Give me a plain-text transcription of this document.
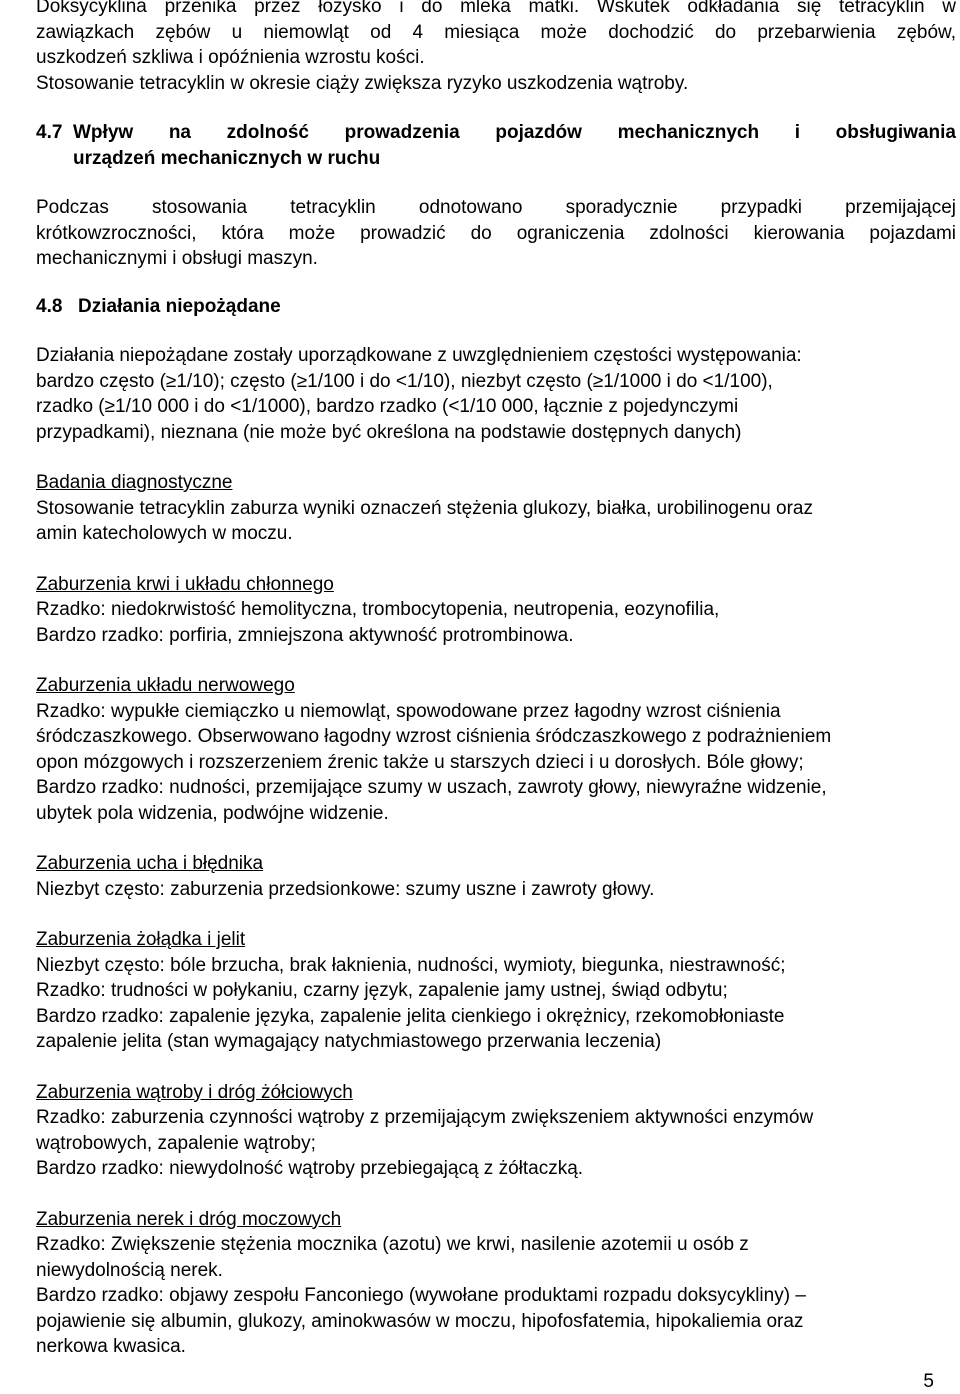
Doksycyklina przenika przez łożysko i do mleka matki. Wskutek odkładania się tetracyklin w
zawiązkach zębów u niemowląt od 4 miesiąca może dochodzić do przebarwienia zębów,
uszkodzeń szkliwa i opóźnienia wzrostu kości.
Stosowanie tetracyklin w okresie ciąży zwiększa ryzyko uszkodzenia wątroby.
4.7 Wpływ na zdolność prowadzenia pojazdów mechanicznych i obsługiwania
urządzeń mechanicznych w ruchu
Podczas stosowania tetracyklin odnotowano sporadycznie przypadki przemijającej
krótkowzroczności, która może prowadzić do ograniczenia zdolności kierowania pojazdami
mechanicznymi i obsługi maszyn.
4.8 Działania niepożądane
Działania niepożądane zostały uporządkowane z uwzględnieniem częstości występowania:
bardzo często (≥1/10); często (≥1/100 i do <1/10), niezbyt często (≥1/1000 i do <1/100),
rzadko (≥1/10 000 i do <1/1000), bardzo rzadko (<1/10 000, łącznie z pojedynczymi
przypadkami), nieznana (nie może być określona na podstawie dostępnych danych)

Badania diagnostyczne

Stosowanie tetracyklin zaburza wyniki oznaczeń stężenia glukozy, białka, urobilinogenu oraz
amin katecholowych w moczu.

Zaburzenia krwi i układu chłonnego

Rzadko: niedokrwistość hemolityczna, trombocytopenia, neutropenia, eozynofilia,
Bardzo rzadko: porfiria, zmniejszona aktywność protrombinowa.

Zaburzenia układu nerwowego

Rzadko: wypukłe ciemiączko u niemowląt, spowodowane przez łagodny wzrost ciśnienia
śródczaszkowego. Obserwowano łagodny wzrost ciśnienia śródczaszkowego z podrażnieniem
opon mózgowych i rozszerzeniem źrenic także u starszych dzieci i u dorosłych. Bóle głowy;
Bardzo rzadko: nudności, przemijające szumy w uszach, zawroty głowy, niewyraźne widzenie,
ubytek pola widzenia, podwójne widzenie.

Zaburzenia ucha i błędnika

Niezbyt często: zaburzenia przedsionkowe: szumy uszne i zawroty głowy.

Zaburzenia żołądka i jelit

Niezbyt często: bóle brzucha, brak łaknienia, nudności, wymioty, biegunka, niestrawność;
Rzadko: trudności w połykaniu, czarny język, zapalenie jamy ustnej, świąd odbytu;
Bardzo rzadko: zapalenie języka, zapalenie jelita cienkiego i okrężnicy, rzekomobłoniaste
zapalenie jelita (stan wymagający natychmiastowego przerwania leczenia)

Zaburzenia wątroby i dróg żółciowych

Rzadko: zaburzenia czynności wątroby z przemijającym zwiększeniem aktywności enzymów
wątrobowych, zapalenie wątroby;
Bardzo rzadko: niewydolność wątroby przebiegającą z żółtaczką.

Zaburzenia nerek i dróg moczowych

Rzadko: Zwiększenie stężenia mocznika (azotu) we krwi, nasilenie azotemii u osób z
niewydolnością nerek.
Bardzo rzadko: objawy zespołu Fanconiego (wywołane produktami rozpadu doksycykliny) –
pojawienie się albumin, glukozy, aminokwasów w moczu, hipofosfatemia, hipokaliemia oraz
nerkowa kwasica.
5
